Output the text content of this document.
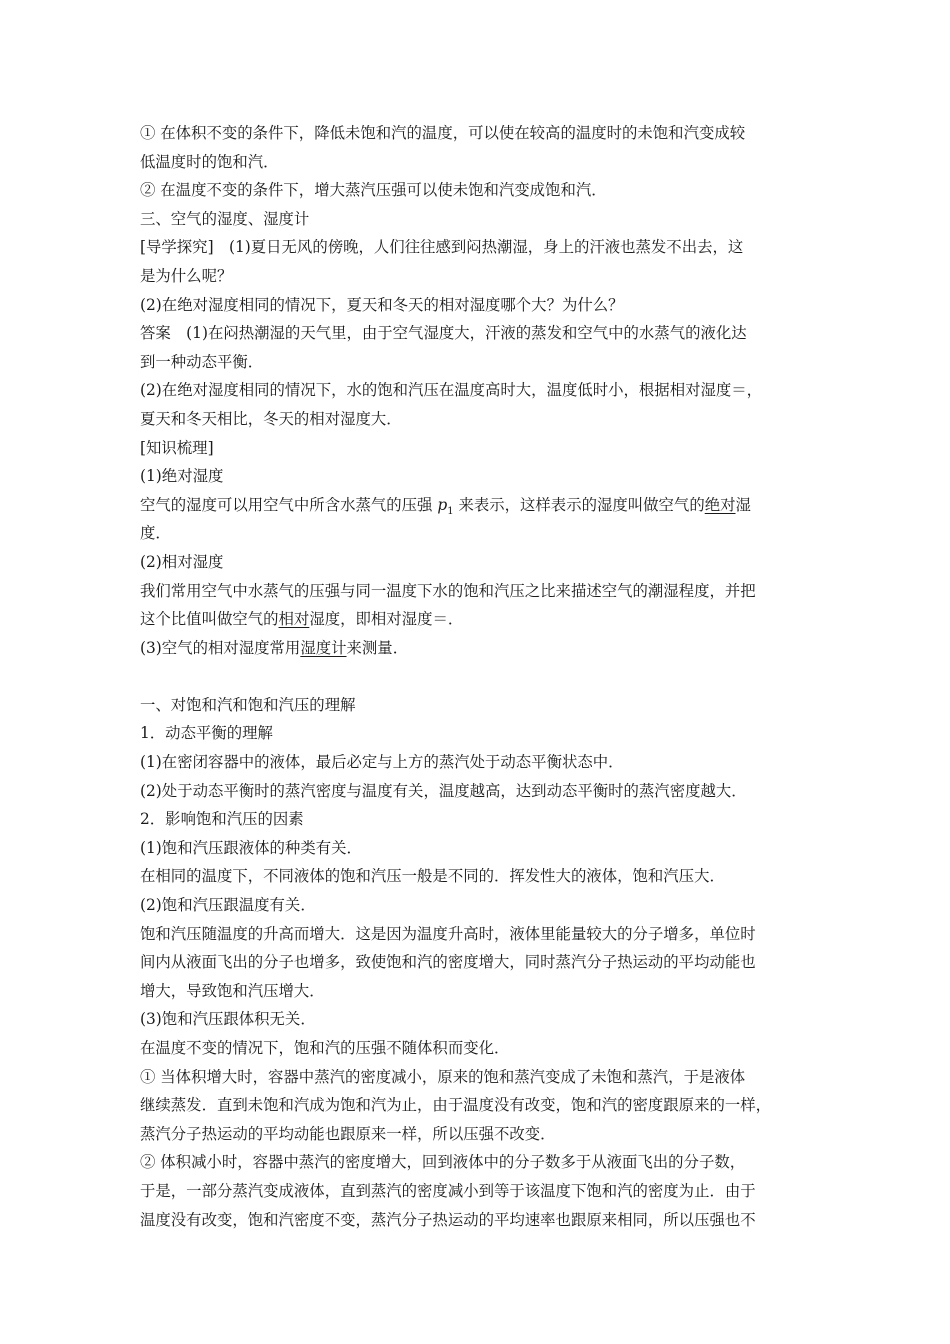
① 在体积不变的条件下，降低未饱和汽的温度，可以使在较高的温度时的未饱和汽变成较
低温度时的饱和汽．
② 在温度不变的条件下，增大蒸汽压强可以使未饱和汽变成饱和汽．
三、空气的湿度、湿度计
[导学探究]　(1)夏日无风的傍晚，人们往往感到闷热潮湿，身上的汗液也蒸发不出去，这
是为什么呢？
(2)在绝对湿度相同的情况下，夏天和冬天的相对湿度哪个大？为什么？
答案　(1)在闷热潮湿的天气里，由于空气湿度大，汗液的蒸发和空气中的水蒸气的液化达
到一种动态平衡．
(2)在绝对湿度相同的情况下，水的饱和汽压在温度高时大，温度低时小，根据相对湿度＝，
夏天和冬天相比，冬天的相对湿度大．
[知识梳理]
(1)绝对湿度
空气的湿度可以用空气中所含水蒸气的压强 $p_1$ 来表示，这样表示的湿度叫做空气的绝对湿
度．
(2)相对湿度
我们常用空气中水蒸气的压强与同一温度下水的饱和汽压之比来描述空气的潮湿程度，并把
这个比值叫做空气的相对湿度，即相对湿度＝．
(3)空气的相对湿度常用湿度计来测量．
一、对饱和汽和饱和汽压的理解
1．动态平衡的理解
(1)在密闭容器中的液体，最后必定与上方的蒸汽处于动态平衡状态中．
(2)处于动态平衡时的蒸汽密度与温度有关，温度越高，达到动态平衡时的蒸汽密度越大．
2．影响饱和汽压的因素
(1)饱和汽压跟液体的种类有关．
在相同的温度下，不同液体的饱和汽压一般是不同的．挥发性大的液体，饱和汽压大．
(2)饱和汽压跟温度有关．
饱和汽压随温度的升高而增大．这是因为温度升高时，液体里能量较大的分子增多，单位时
间内从液面飞出的分子也增多，致使饱和汽的密度增大，同时蒸汽分子热运动的平均动能也
增大，导致饱和汽压增大．
(3)饱和汽压跟体积无关．
在温度不变的情况下，饱和汽的压强不随体积而变化．
① 当体积增大时，容器中蒸汽的密度减小，原来的饱和蒸汽变成了未饱和蒸汽，于是液体
继续蒸发．直到未饱和汽成为饱和汽为止，由于温度没有改变，饱和汽的密度跟原来的一样，
蒸汽分子热运动的平均动能也跟原来一样，所以压强不改变．
② 体积减小时，容器中蒸汽的密度增大，回到液体中的分子数多于从液面飞出的分子数，
于是，一部分蒸汽变成液体，直到蒸汽的密度减小到等于该温度下饱和汽的密度为止．由于
温度没有改变，饱和汽密度不变，蒸汽分子热运动的平均速率也跟原来相同，所以压强也不
